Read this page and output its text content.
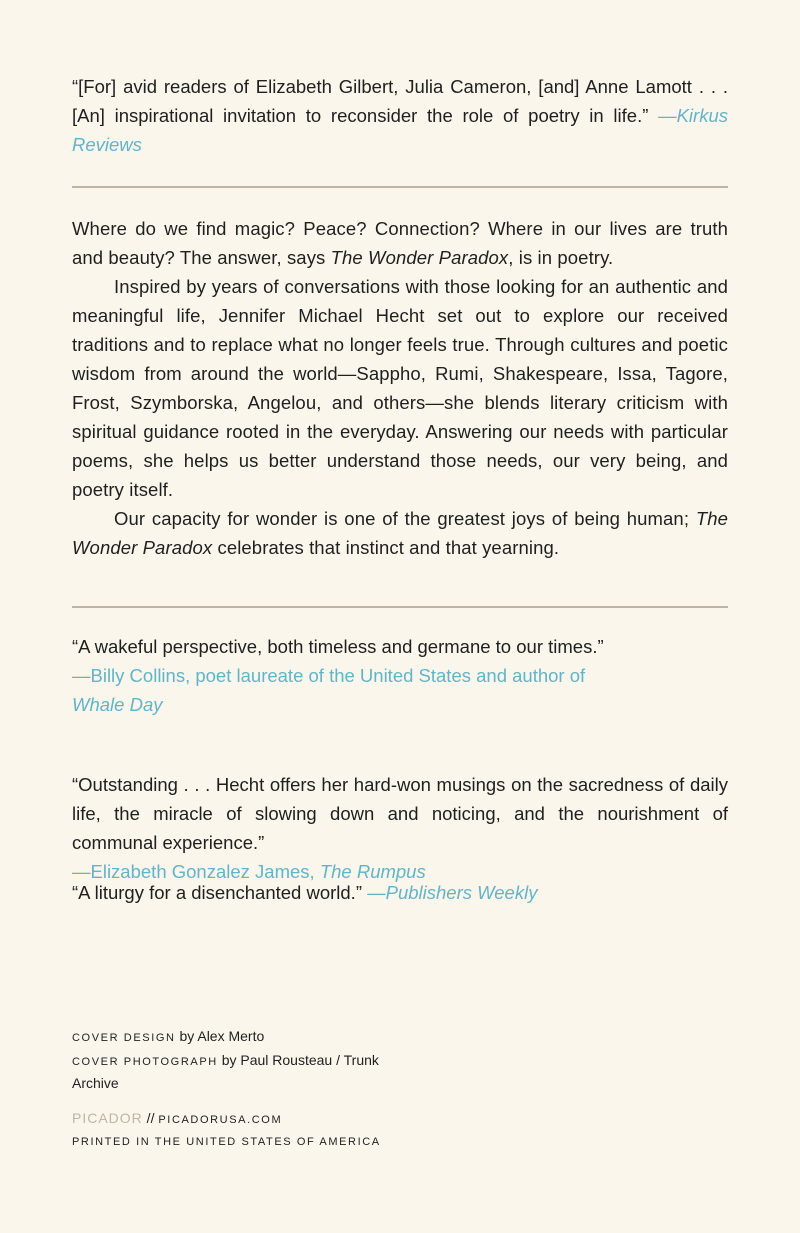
“[For] avid readers of Elizabeth Gilbert, Julia Cameron, [and] Anne Lamott . . . [An] inspirational invitation to reconsider the role of poetry in life.” —Kirkus Reviews

Where do we find magic? Peace? Connection? Where in our lives are truth and beauty? The answer, says The Wonder Paradox, is in poetry.

Inspired by years of conversations with those looking for an authentic and meaningful life, Jennifer Michael Hecht set out to explore our received traditions and to replace what no longer feels true. Through cultures and poetic wisdom from around the world—Sappho, Rumi, Shakespeare, Issa, Tagore, Frost, Szymborska, Angelou, and others—she blends literary criticism with spiritual guidance rooted in the everyday. Answering our needs with particular poems, she helps us better understand those needs, our very being, and poetry itself.

Our capacity for wonder is one of the greatest joys of being human; The Wonder Paradox celebrates that instinct and that yearning.

“A wakeful perspective, both timeless and germane to our times.”

—Billy Collins, poet laureate of the United States and author of
Whale Day

“Outstanding . . . Hecht offers her hard-won musings on the sacredness of daily life, the miracle of slowing down and noticing, and the nourishment of communal experience.”

—Elizabeth Gonzalez James, The Rumpus

“A liturgy for a disenchanted world.” —Publishers Weekly

COVER DESIGN by Alex Merto
COVER PHOTOGRAPH by Paul Rousteau / Trunk
Archive
PICADOR // PICADORUSA.COM
PRINTED IN THE UNITED STATES OF AMERICA
